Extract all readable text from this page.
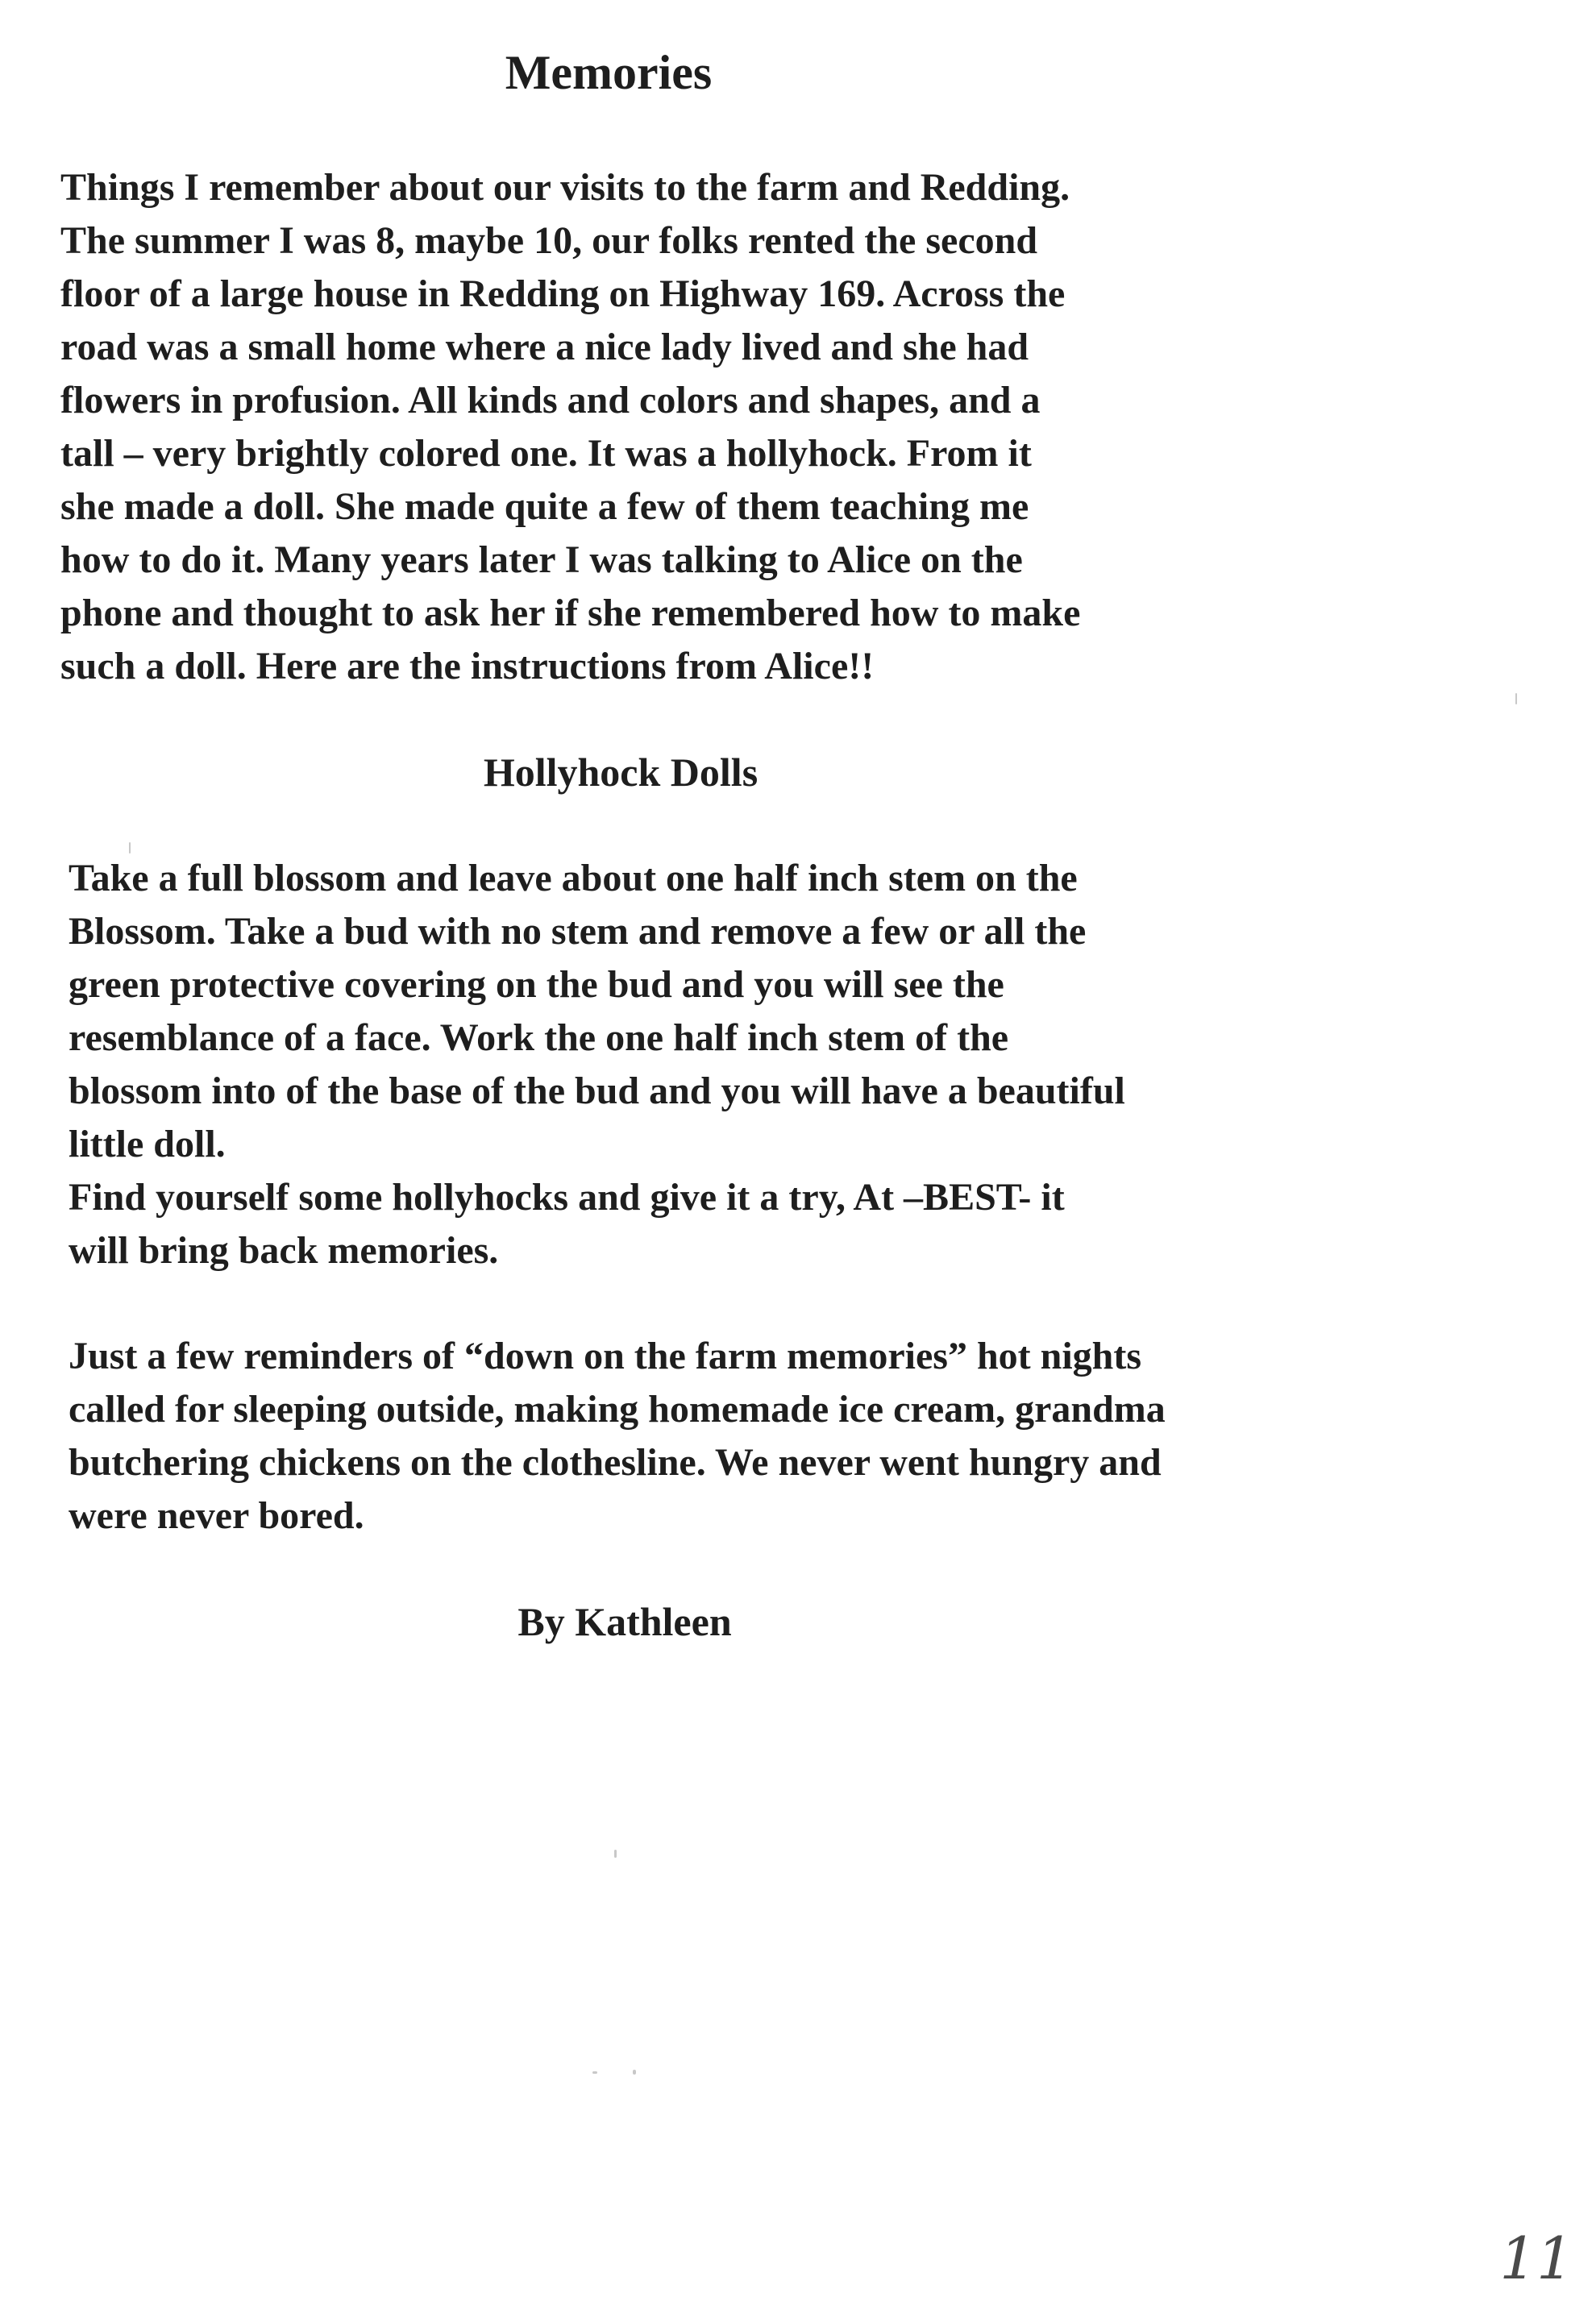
Memories

Things I remember about our visits to the farm and Redding.
The summer I was 8, maybe 10, our folks rented the second
floor of a large house in Redding on Highway 169. Across the
road was a small home where a nice lady lived and she had
flowers in profusion. All kinds and colors and shapes, and a
tall – very brightly colored one. It was a hollyhock. From it
she made a doll. She made quite a few of them teaching me
how to do it. Many years later I was talking to Alice on the
phone and thought to ask her if she remembered how to make
such a doll. Here are the instructions from Alice!!

Hollyhock Dolls

Take a full blossom and leave about one half inch stem on the
Blossom. Take a bud with no stem and remove a few or all the
green protective covering on the bud and you will see the
resemblance of a face. Work the one half inch stem of the
blossom into of the base of the bud and you will have a beautiful
little doll.
Find yourself some hollyhocks and give it a try, At –BEST- it
will bring back memories.

Just a few reminders of “down on the farm memories” hot nights
called for sleeping outside, making homemade ice cream, grandma
butchering chickens on the clothesline. We never went hungry and
were never bored.

By Kathleen
11
